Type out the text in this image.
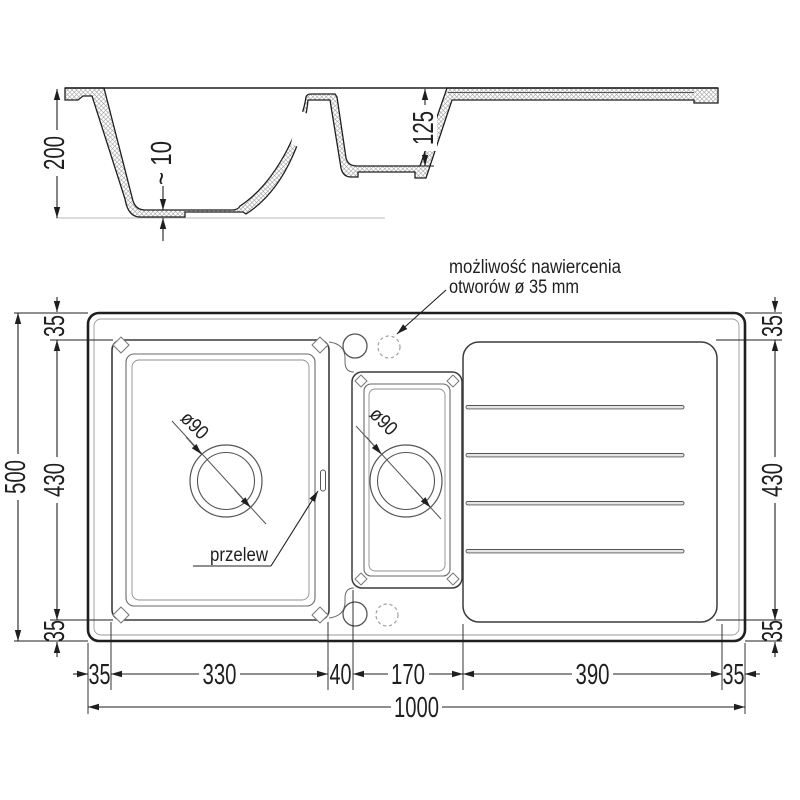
200	~ 10
125
ø90	ø90
możliwość nawiercenia
otworów ø 35 mm
przelew
500
35
430
35
35
430
35
35	330	40 170	390	35
1000
